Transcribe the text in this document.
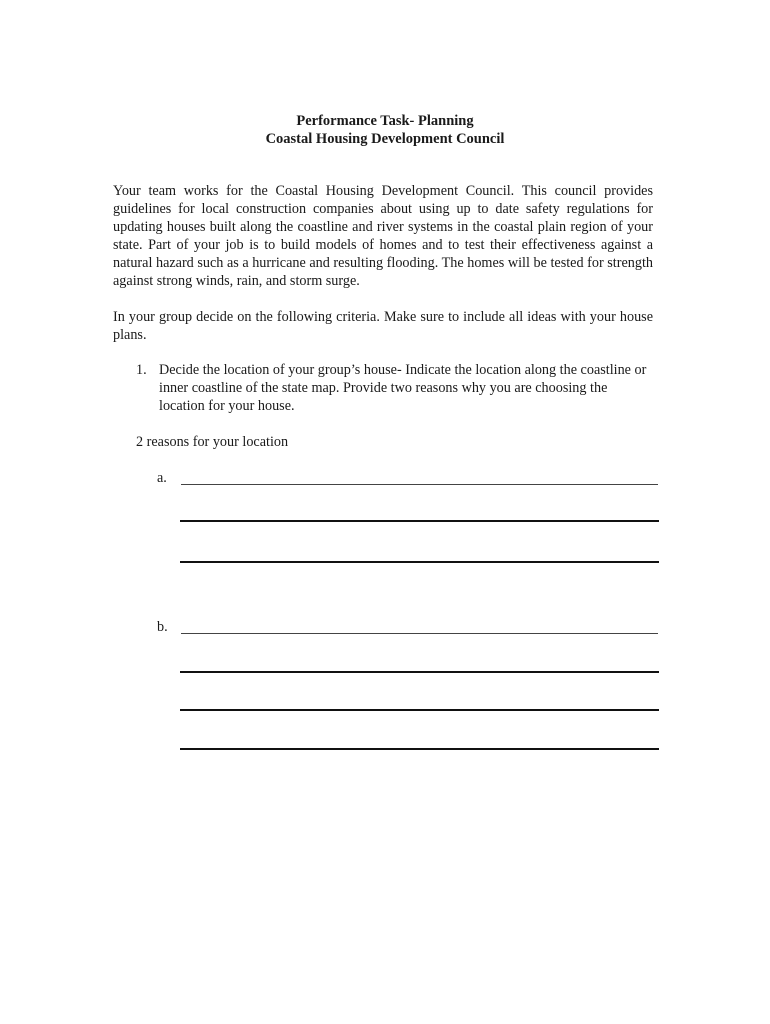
Performance Task- Planning
Coastal Housing Development Council
Your team works for the Coastal Housing Development Council. This council provides guidelines for local construction companies about using up to date safety regulations for updating houses built along the coastline and river systems in the coastal plain region of your state. Part of your job is to build models of homes and to test their effectiveness against a natural hazard such as a hurricane and resulting flooding. The homes will be tested for strength against strong winds, rain, and storm surge.
In your group decide on the following criteria. Make sure to include all ideas with your house plans.
1. Decide the location of your group’s house- Indicate the location along the coastline or inner coastline of the state map. Provide two reasons why you are choosing the location for your house.
2 reasons for your location
a.
b.
